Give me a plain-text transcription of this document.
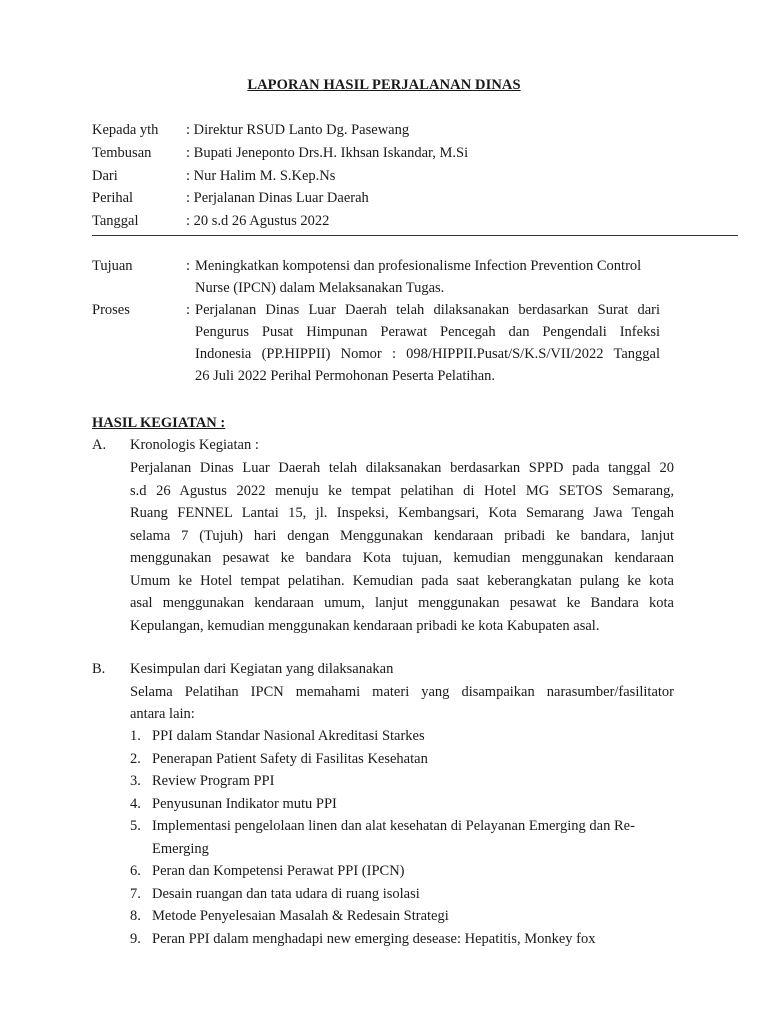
LAPORAN HASIL PERJALANAN DINAS
Kepada yth : Direktur RSUD Lanto Dg. Pasewang
Tembusan : Bupati Jeneponto Drs.H. Ikhsan Iskandar, M.Si
Dari	: Nur Halim M. S.Kep.Ns
Perihal	: Perjalanan Dinas Luar Daerah
Tanggal	: 20 s.d 26 Agustus 2022
Tujuan	: Meningkatkan kompotensi dan profesionalisme Infection Prevention Control
Nurse (IPCN) dalam Melaksanakan Tugas.
Proses	: Perjalanan Dinas Luar Daerah telah dilaksanakan berdasarkan Surat dari
Pengurus Pusat Himpunan Perawat Pencegah dan Pengendali Infeksi
Indonesia (PP.HIPPII) Nomor : 098/HIPPII.Pusat/S/K.S/VII/2022 Tanggal
26 Juli 2022 Perihal Permohonan Peserta Pelatihan.
HASIL KEGIATAN :
A. Kronologis Kegiatan :
Perjalanan Dinas Luar Daerah telah dilaksanakan berdasarkan SPPD pada tanggal 20
s.d 26 Agustus 2022 menuju ke tempat pelatihan di Hotel MG SETOS Semarang,
Ruang FENNEL Lantai 15, jl. Inspeksi, Kembangsari, Kota Semarang Jawa Tengah
selama 7 (Tujuh) hari dengan Menggunakan kendaraan pribadi ke bandara, lanjut
menggunakan pesawat ke bandara Kota tujuan, kemudian menggunakan kendaraan
Umum ke Hotel tempat pelatihan. Kemudian pada saat keberangkatan pulang ke kota
asal menggunakan kendaraan umum, lanjut menggunakan pesawat ke Bandara kota
Kepulangan, kemudian menggunakan kendaraan pribadi ke kota Kabupaten asal.
B. Kesimpulan dari Kegiatan yang dilaksanakan
Selama Pelatihan IPCN memahami materi yang disampaikan narasumber/fasilitator
antara lain:
1. PPI dalam Standar Nasional Akreditasi Starkes
2. Penerapan Patient Safety di Fasilitas Kesehatan
3. Review Program PPI
4. Penyusunan Indikator mutu PPI
5. Implementasi pengelolaan linen dan alat kesehatan di Pelayanan Emerging dan Re-
Emerging
6. Peran dan Kompetensi Perawat PPI (IPCN)
7. Desain ruangan dan tata udara di ruang isolasi
8. Metode Penyelesaian Masalah & Redesain Strategi
9. Peran PPI dalam menghadapi new emerging desease: Hepatitis, Monkey fox
